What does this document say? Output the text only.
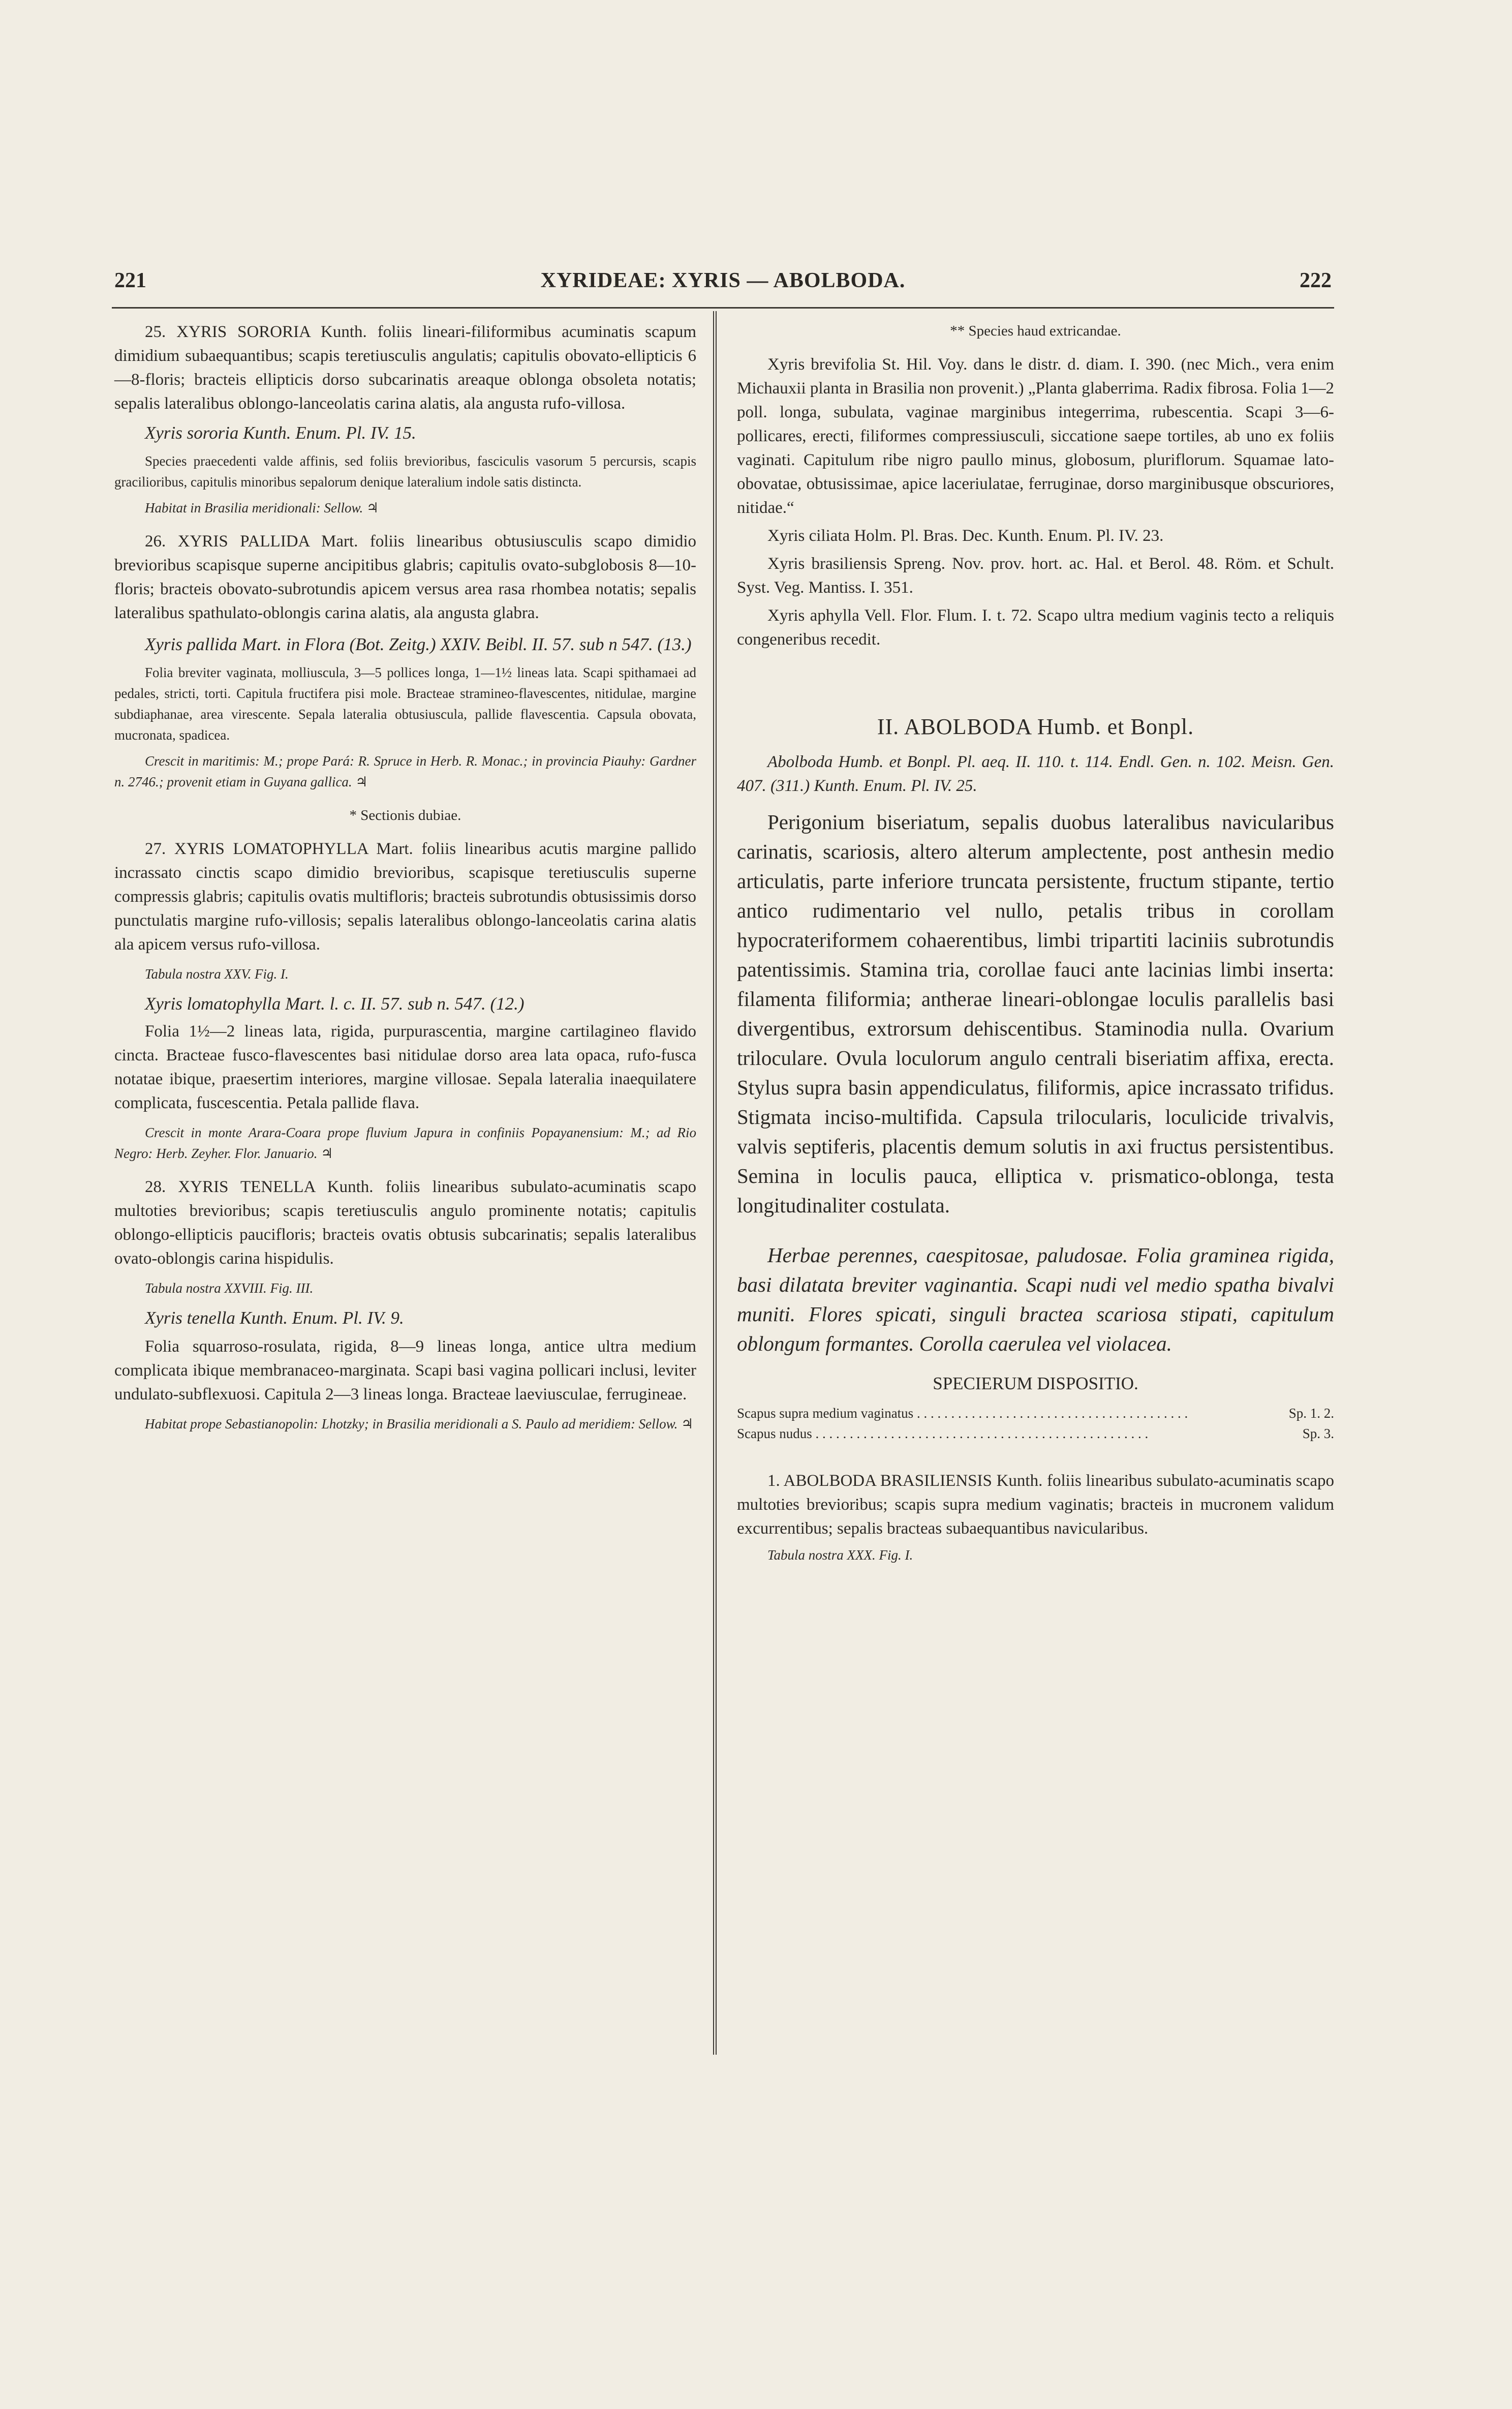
221	XYRIDEAE: XYRIS — ABOLBODA.	222

25. XYRIS SORORIA Kunth. foliis lineari-filiformibus acuminatis scapum dimidium subaequantibus; scapis teretiusculis angulatis; capitulis obovato-ellipticis 6—8-floris; bracteis ellipticis dorso subcarinatis areaque oblonga obsoleta notatis; sepalis lateralibus oblongo-lanceolatis carina alatis, ala angusta rufo-villosa.

Xyris sororia Kunth. Enum. Pl. IV. 15.

Species praecedenti valde affinis, sed foliis brevioribus, fasciculis vasorum 5 percursis, scapis gracilioribus, capitulis minoribus sepalorum denique lateralium indole satis distincta.

Habitat in Brasilia meridionali: Sellow. ♃

26. XYRIS PALLIDA Mart. foliis linearibus obtusiusculis scapo dimidio brevioribus scapisque superne ancipitibus glabris; capitulis ovato-subglobosis 8—10-floris; bracteis obovato-subrotundis apicem versus area rasa rhombea notatis; sepalis lateralibus spathulato-oblongis carina alatis, ala angusta glabra.

Xyris pallida Mart. in Flora (Bot. Zeitg.) XXIV. Beibl. II. 57. sub n 547. (13.)

Folia breviter vaginata, molliuscula, 3—5 pollices longa, 1—1½ lineas lata. Scapi spithamaei ad pedales, stricti, torti. Capitula fructifera pisi mole. Bracteae stramineo-flavescentes, nitidulae, margine subdiaphanae, area virescente. Sepala lateralia obtusiuscula, pallide flavescentia. Capsula obovata, mucronata, spadicea.

Crescit in maritimis: M.; prope Pará: R. Spruce in Herb. R. Monac.; in provincia Piauhy: Gardner n. 2746.; provenit etiam in Guyana gallica. ♃

* Sectionis dubiae.

27. XYRIS LOMATOPHYLLA Mart. foliis linearibus acutis margine pallido incrassato cinctis scapo dimidio brevioribus, scapisque teretiusculis superne compressis glabris; capitulis ovatis multifloris; bracteis subrotundis obtusissimis dorso punctulatis margine rufo-villosis; sepalis lateralibus oblongo-lanceolatis carina alatis ala apicem versus rufo-villosa.

Tabula nostra XXV. Fig. I.

Xyris lomatophylla Mart. l. c. II. 57. sub n. 547. (12.)

Folia 1½—2 lineas lata, rigida, purpurascentia, margine cartilagineo flavido cincta. Bracteae fusco-flavescentes basi nitidulae dorso area lata opaca, rufo-fusca notatae ibique, praesertim interiores, margine villosae. Sepala lateralia inaequilatere complicata, fuscescentia. Petala pallide flava.

Crescit in monte Arara-Coara prope fluvium Japura in confiniis Popayanensium: M.; ad Rio Negro: Herb. Zeyher. Flor. Januario. ♃

28. XYRIS TENELLA Kunth. foliis linearibus subulato-acuminatis scapo multoties brevioribus; scapis teretiusculis angulo prominente notatis; capitulis oblongo-ellipticis paucifloris; bracteis ovatis obtusis subcarinatis; sepalis lateralibus ovato-oblongis carina hispidulis.

Tabula nostra XXVIII. Fig. III.

Xyris tenella Kunth. Enum. Pl. IV. 9.

Folia squarroso-rosulata, rigida, 8—9 lineas longa, antice ultra medium complicata ibique membranaceo-marginata. Scapi basi vagina pollicari inclusi, leviter undulato-subflexuosi. Capitula 2—3 lineas longa. Bracteae laeviusculae, ferrugineae.

Habitat prope Sebastianopolin: Lhotzky; in Brasilia meridionali a S. Paulo ad meridiem: Sellow. ♃

** Species haud extricandae.

Xyris brevifolia St. Hil. Voy. dans le distr. d. diam. I. 390. (nec Mich., vera enim Michauxii planta in Brasilia non provenit.) „Planta glaberrima. Radix fibrosa. Folia 1—2 poll. longa, subulata, vaginae marginibus integerrima, rubescentia. Scapi 3—6-pollicares, erecti, filiformes compressiusculi, siccatione saepe tortiles, ab uno ex foliis vaginati. Capitulum ribe nigro paullo minus, globosum, pluriflorum. Squamae lato-obovatae, obtusissimae, apice laceriulatae, ferruginae, dorso marginibusque obscuriores, nitidae.“

Xyris ciliata Holm. Pl. Bras. Dec. Kunth. Enum. Pl. IV. 23.

Xyris brasiliensis Spreng. Nov. prov. hort. ac. Hal. et Berol. 48. Röm. et Schult. Syst. Veg. Mantiss. I. 351.

Xyris aphylla Vell. Flor. Flum. I. t. 72. Scapo ultra medium vaginis tecto a reliquis congeneribus recedit.

II. ABOLBODA Humb. et Bonpl.

Abolboda Humb. et Bonpl. Pl. aeq. II. 110. t. 114. Endl. Gen. n. 102. Meisn. Gen. 407. (311.) Kunth. Enum. Pl. IV. 25.

Perigonium biseriatum, sepalis duobus lateralibus navicularibus carinatis, scariosis, altero alterum amplectente, post anthesin medio articulatis, parte inferiore truncata persistente, fructum stipante, tertio antico rudimentario vel nullo, petalis tribus in corollam hypocrateriformem cohaerentibus, limbi tripartiti laciniis subrotundis patentissimis. Stamina tria, corollae fauci ante lacinias limbi inserta: filamenta filiformia; antherae lineari-oblongae loculis parallelis basi divergentibus, extrorsum dehiscentibus. Staminodia nulla. Ovarium triloculare. Ovula loculorum angulo centrali biseriatim affixa, erecta. Stylus supra basin appendiculatus, filiformis, apice incrassato trifidus. Stigmata inciso-multifida. Capsula trilocularis, loculicide trivalvis, valvis septiferis, placentis demum solutis in axi fructus persistentibus. Semina in loculis pauca, elliptica v. prismatico-oblonga, testa longitudinaliter costulata.

Herbae perennes, caespitosae, paludosae. Folia graminea rigida, basi dilatata breviter vaginantia. Scapi nudi vel medio spatha bivalvi muniti. Flores spicati, singuli bractea scariosa stipati, capitulum oblongum formantes. Corolla caerulea vel violacea.

SPECIERUM DISPOSITIO.

Scapus supra medium vaginatus . . . . . . . . . . . . . . . . . . . . . . . . . . . . . . . . . . . . . . . .	Sp. 1. 2.
Scapus nudus . . . . . . . . . . . . . . . . . . . . . . . . . . . . . . . . . . . . . . . . . . . . . . . . .	Sp. 3.

1. ABOLBODA BRASILIENSIS Kunth. foliis linearibus subulato-acuminatis scapo multoties brevioribus; scapis supra medium vaginatis; bracteis in mucronem validum excurrentibus; sepalis bracteas subaequantibus navicularibus.

Tabula nostra XXX. Fig. I.
